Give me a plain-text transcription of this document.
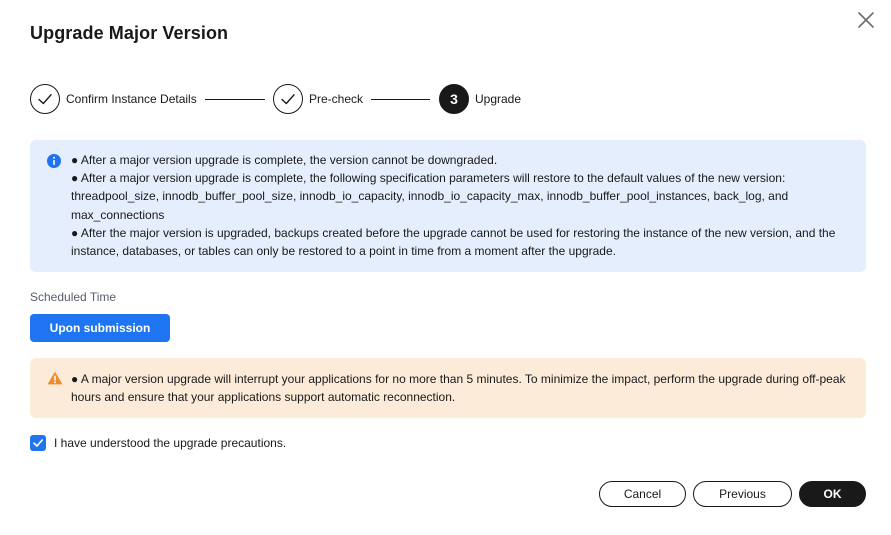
Upgrade Major Version
Confirm Instance Details	Pre-check	3	Upgrade

● After a major version upgrade is complete, the version cannot be downgraded.

● After a major version upgrade is complete, the following specification parameters will restore to the default values of the new version: threadpool_size, innodb_buffer_pool_size, innodb_io_capacity, innodb_io_capacity_max, innodb_buffer_pool_instances, back_log, and max_connections

● After the major version is upgraded, backups created before the upgrade cannot be used for restoring the instance of the new version, and the instance, databases, or tables can only be restored to a point in time from a moment after the upgrade.

Scheduled Time
Upon submission
● A major version upgrade will interrupt your applications for no more than 5 minutes. To minimize the impact, perform the upgrade during off-peak hours and ensure that your applications support automatic reconnection.
I have understood the upgrade precautions.
Cancel	Previous	OK
